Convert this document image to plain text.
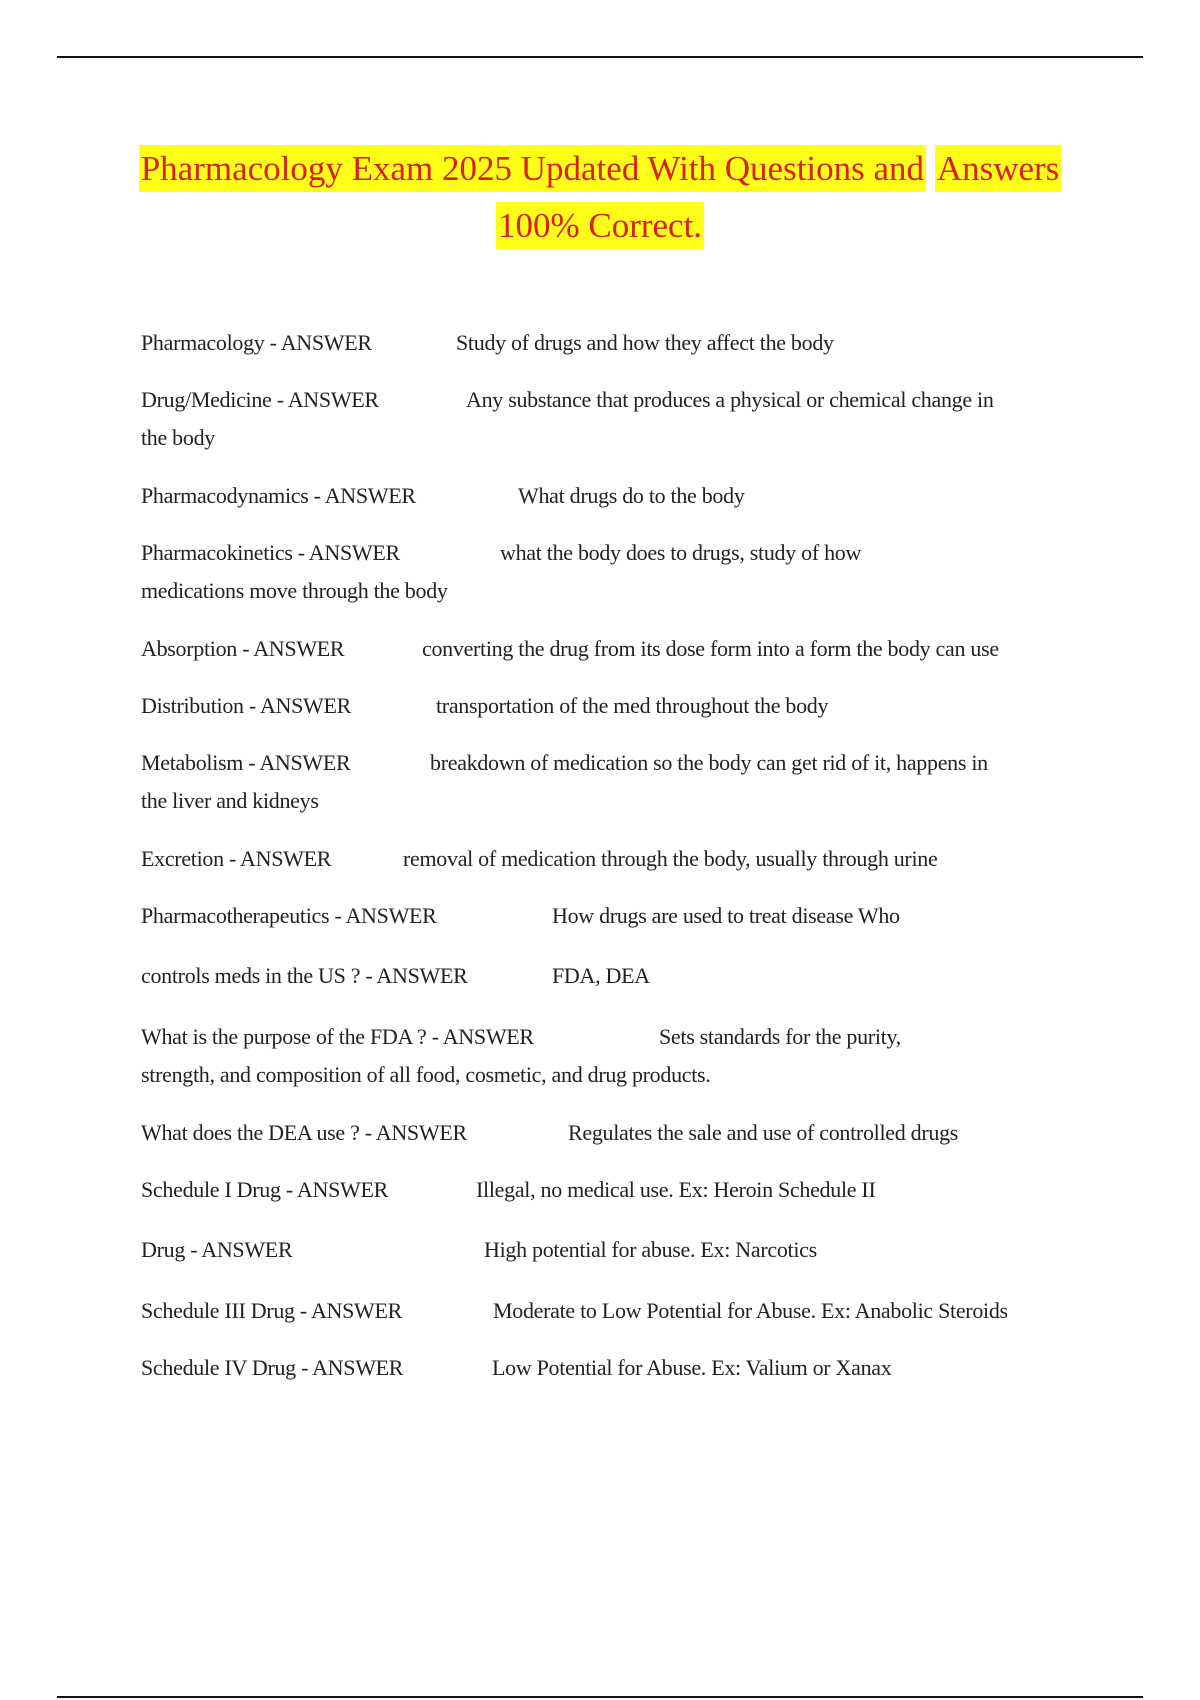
Pharmacology Exam 2025 Updated With Questions and Answers
100% Correct.
Pharmacology - ANSWER	Study of drugs and how they affect the body
Drug/Medicine - ANSWER	Any substance that produces a physical or chemical change in
the body
Pharmacodynamics - ANSWER	What drugs do to the body
Pharmacokinetics - ANSWER	what the body does to drugs, study of how
medications move through the body
Absorption - ANSWER	converting the drug from its dose form into a form the body can use
Distribution - ANSWER	transportation of the med throughout the body
Metabolism - ANSWER	breakdown of medication so the body can get rid of it, happens in
the liver and kidneys
Excretion - ANSWER	removal of medication through the body, usually through urine
Pharmacotherapeutics - ANSWER	How drugs are used to treat disease Who
controls meds in the US ? - ANSWER	FDA, DEA
What is the purpose of the FDA ? - ANSWER	Sets standards for the purity,
strength, and composition of all food, cosmetic, and drug products.
What does the DEA use ? - ANSWER	Regulates the sale and use of controlled drugs
Schedule I Drug - ANSWER	Illegal, no medical use. Ex: Heroin Schedule II
Drug - ANSWER	High potential for abuse. Ex: Narcotics
Schedule III Drug - ANSWER	Moderate to Low Potential for Abuse. Ex: Anabolic Steroids
Schedule IV Drug - ANSWER	Low Potential for Abuse. Ex: Valium or Xanax
